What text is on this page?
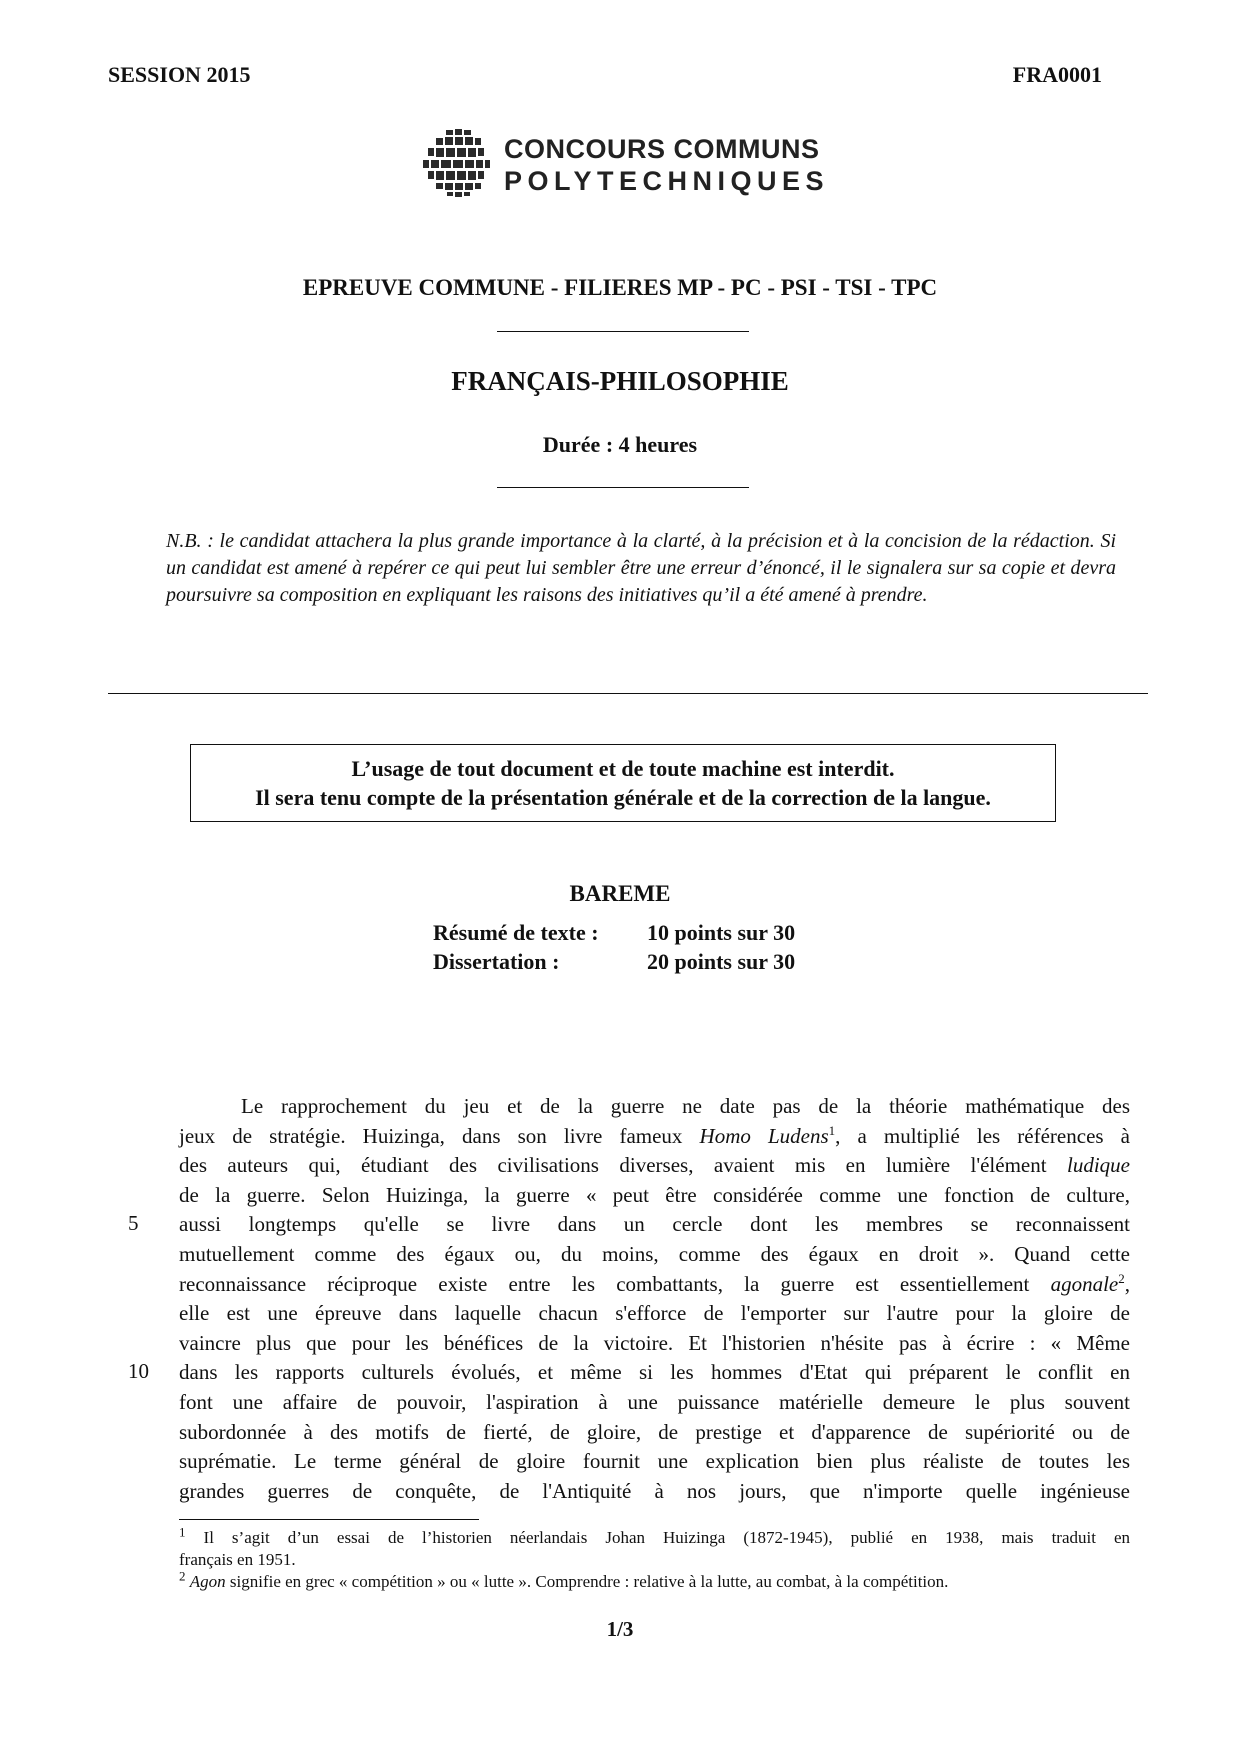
SESSION 2015	FRA0001
CONCOURS COMMUNS
POLYTECHNIQUES
EPREUVE COMMUNE - FILIERES MP - PC - PSI - TSI - TPC
FRANÇAIS-PHILOSOPHIE
Durée : 4 heures
N.B. : le candidat attachera la plus grande importance à la clarté, à la précision et à la concision de la rédaction. Si un candidat est amené à repérer ce qui peut lui sembler être une erreur d’énoncé, il le signalera sur sa copie et devra poursuivre sa composition en expliquant les raisons des initiatives qu’il a été amené à prendre.
L’usage de tout document et de toute machine est interdit.
Il sera tenu compte de la présentation générale et de la correction de la langue.
BAREME
Résumé de texte : 10 points sur 30
Dissertation :	20 points sur 30
5
10
Le rapprochement du jeu et de la guerre ne date pas de la théorie mathématique des
jeux de stratégie. Huizinga, dans son livre fameux Homo Ludens$^1$, a multiplié les références à
des auteurs qui, étudiant des civilisations diverses, avaient mis en lumière l'élément ludique
de la guerre. Selon Huizinga, la guerre « peut être considérée comme une fonction de culture,
aussi longtemps qu'elle se livre dans un cercle dont les membres se reconnaissent
mutuellement comme des égaux ou, du moins, comme des égaux en droit ». Quand cette
reconnaissance réciproque existe entre les combattants, la guerre est essentiellement agonale$^2$,
elle est une épreuve dans laquelle chacun s'efforce de l'emporter sur l'autre pour la gloire de
vaincre plus que pour les bénéfices de la victoire. Et l'historien n'hésite pas à écrire : « Même
dans les rapports culturels évolués, et même si les hommes d'Etat qui préparent le conflit en
font une affaire de pouvoir, l'aspiration à une puissance matérielle demeure le plus souvent
subordonnée à des motifs de fierté, de gloire, de prestige et d'apparence de supériorité ou de
suprématie. Le terme général de gloire fournit une explication bien plus réaliste de toutes les
grandes guerres de conquête, de l'Antiquité à nos jours, que n'importe quelle ingénieuse
$^1$ Il s’agit d’un essai de l’historien néerlandais Johan Huizinga (1872-1945), publié en 1938, mais traduit en
français en 1951.
$^2$ Agon signifie en grec « compétition » ou « lutte ». Comprendre : relative à la lutte, au combat, à la compétition.
1/3
